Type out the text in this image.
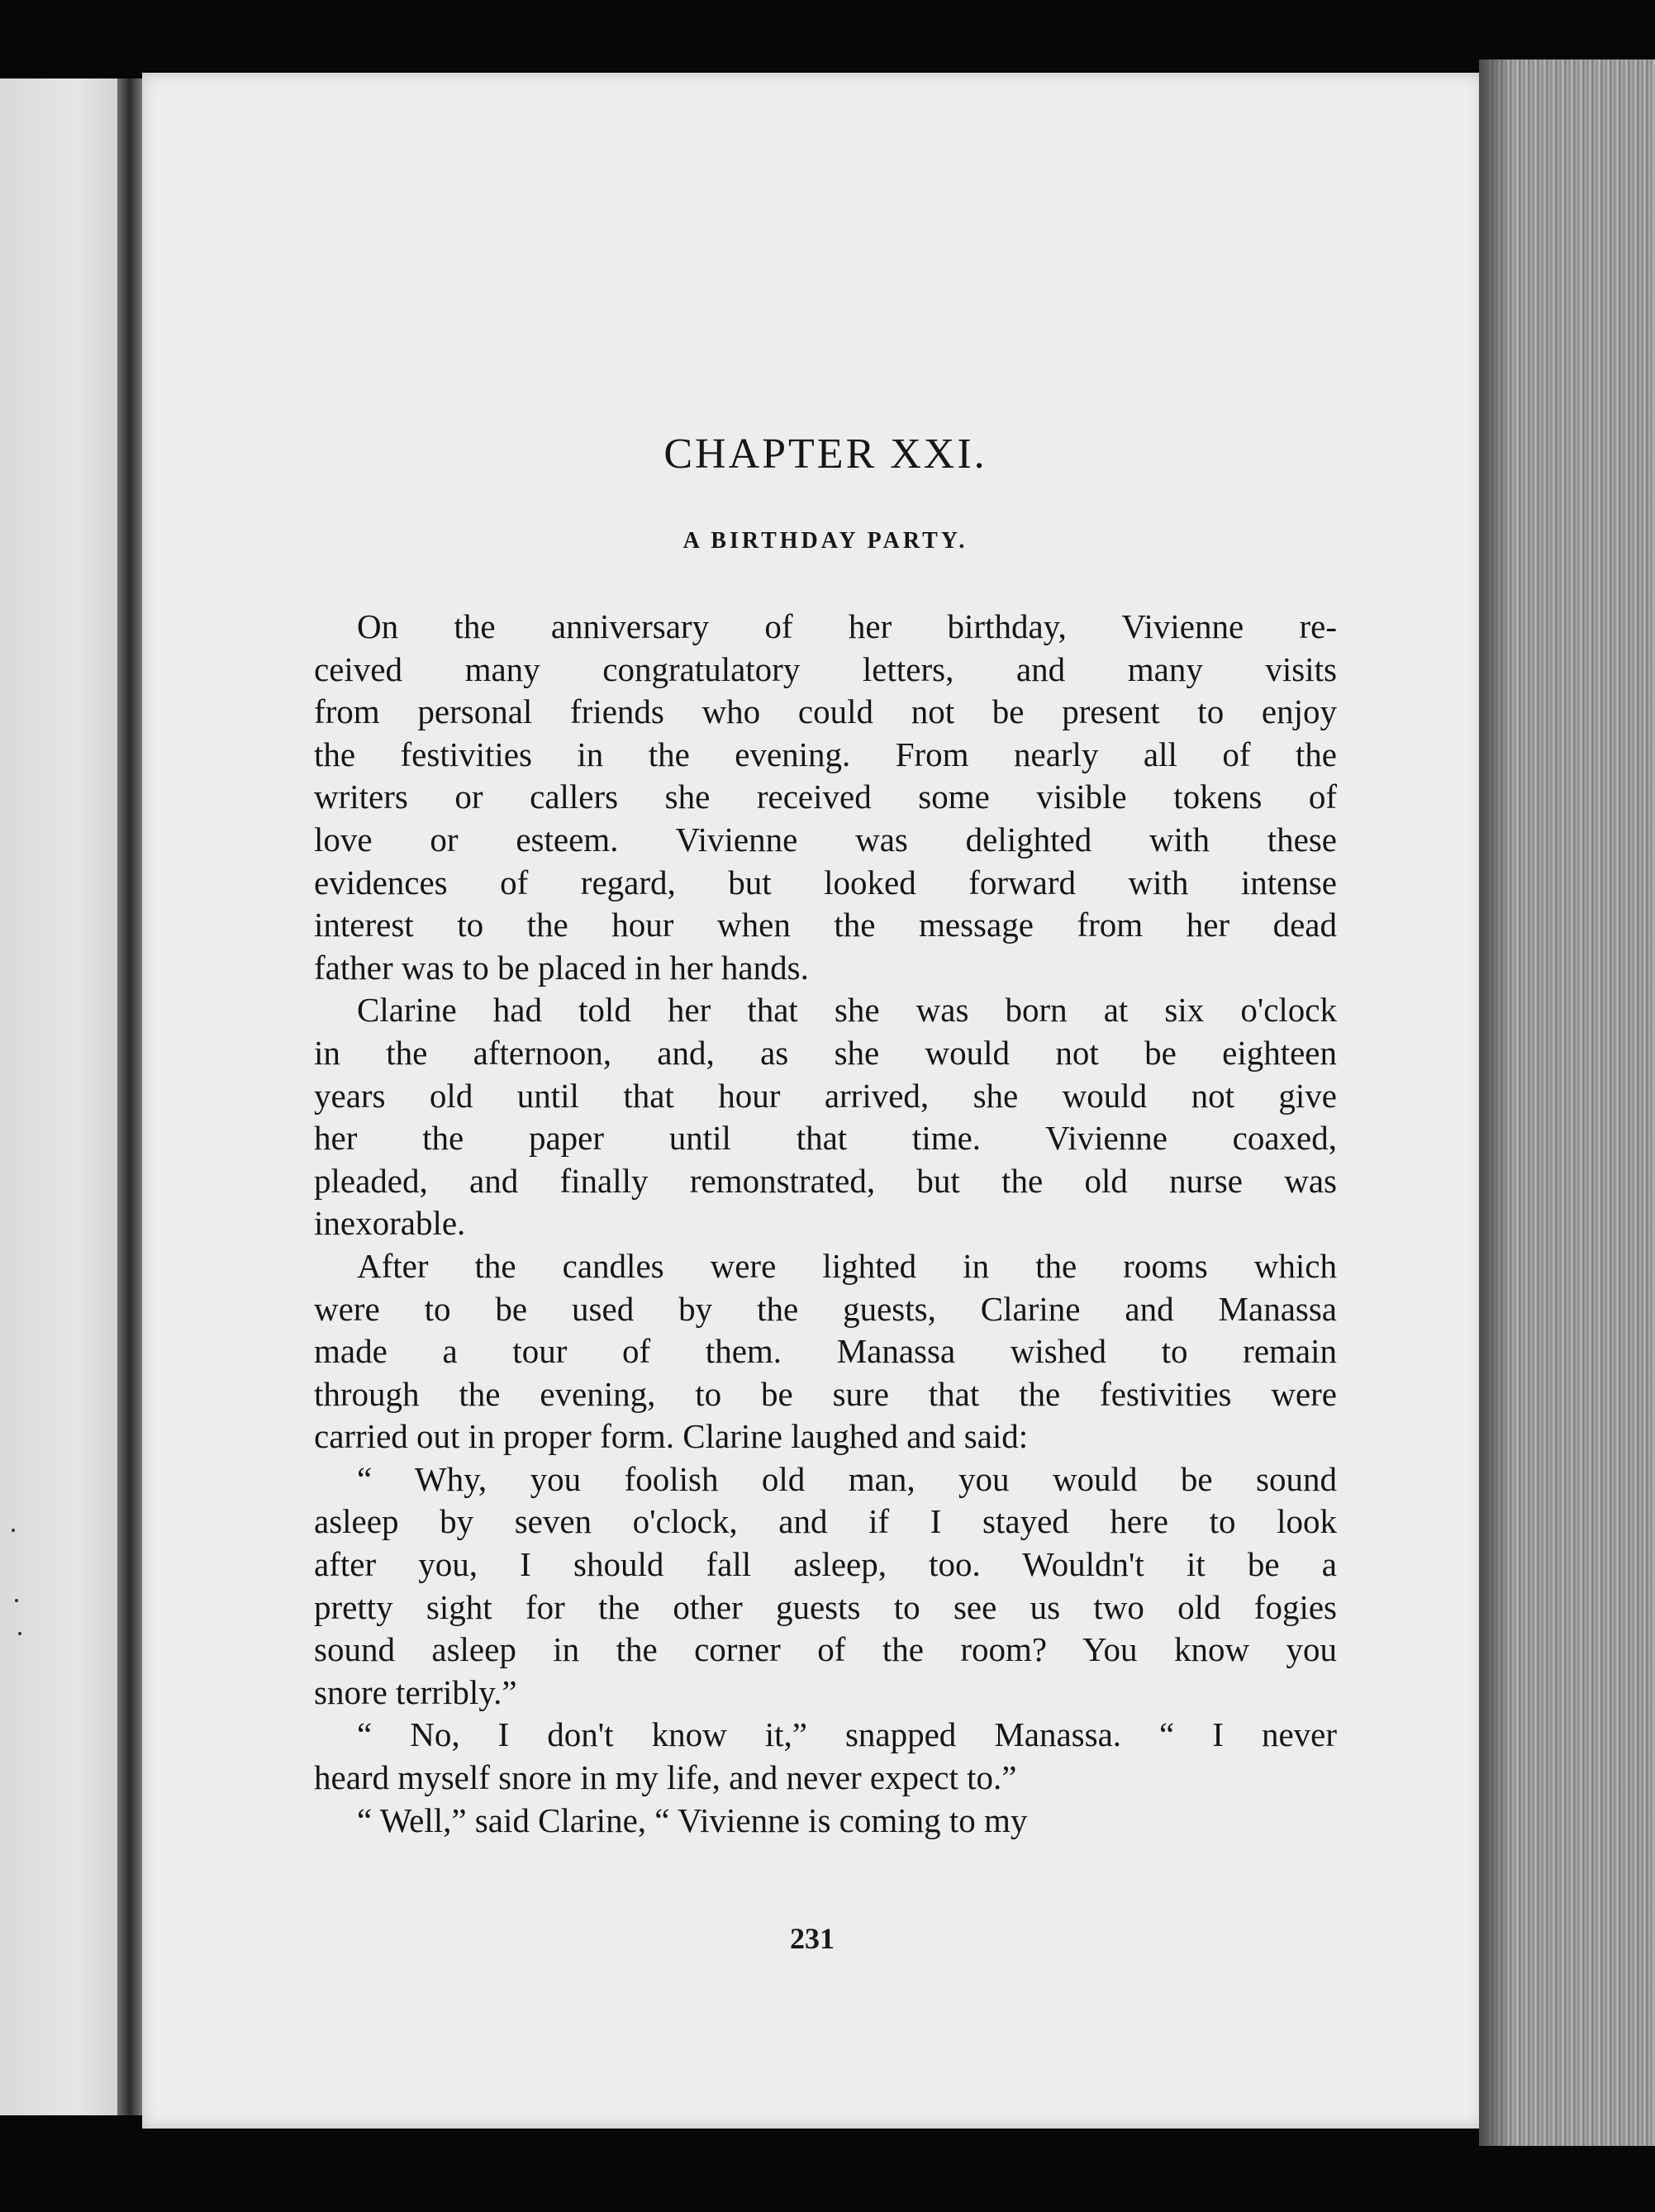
CHAPTER XXI.
A BIRTHDAY PARTY.

On the anniversary of her birthday, Vivienne re-
ceived many congratulatory letters, and many visits
from personal friends who could not be present to enjoy
the festivities in the evening. From nearly all of the
writers or callers she received some visible tokens of
love or esteem. Vivienne was delighted with these
evidences of regard, but looked forward with intense
interest to the hour when the message from her dead
father was to be placed in her hands.

Clarine had told her that she was born at six o'clock
in the afternoon, and, as she would not be eighteen
years old until that hour arrived, she would not give
her the paper until that time. Vivienne coaxed,
pleaded, and finally remonstrated, but the old nurse was
inexorable.

After the candles were lighted in the rooms which
were to be used by the guests, Clarine and Manassa
made a tour of them. Manassa wished to remain
through the evening, to be sure that the festivities were
carried out in proper form. Clarine laughed and said:

“ Why, you foolish old man, you would be sound
asleep by seven o'clock, and if I stayed here to look
after you, I should fall asleep, too. Wouldn't it be a
pretty sight for the other guests to see us two old fogies
sound asleep in the corner of the room? You know you
snore terribly.”

“ No, I don't know it,” snapped Manassa. “ I never
heard myself snore in my life, and never expect to.”

“ Well,” said Clarine, “ Vivienne is coming to my

231
